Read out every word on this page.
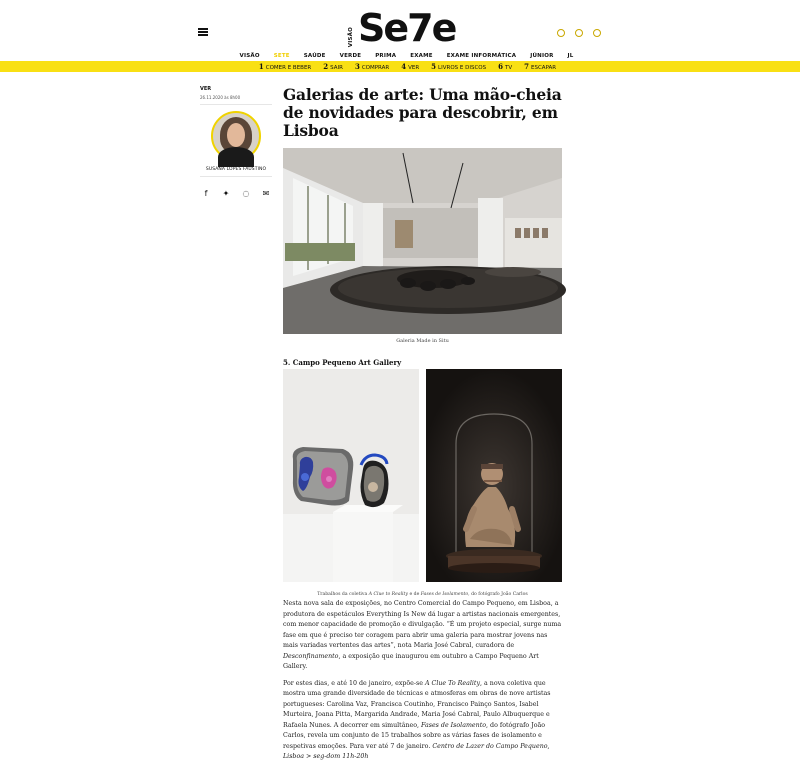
VISÃO Se7e
VISÃO	SETE	SAÚDE	VERDE	PRIMA	EXAME	EXAME INFORMÁTICA	JÚNIOR	JL
1 COMER E BEBER 2 SAIR 3 COMPRAR 4 VER 5 LIVROS E DISCOS 6 TV 7 ESCAPAR
VER
26.11.2020 às 8h00
SUSANA LOPES FAUSTINO
f	✦ ◌ ✉
Galerias de arte: Uma mão-cheia de novidades para descobrir, em Lisboa
Galeria Made in Situ
5. Campo Pequeno Art Gallery
Trabalhos da coletiva A Clue to Reality e de Fases de Isolamento, do fotógrafo João Carlos

Nesta nova sala de exposições, no Centro Comercial do Campo Pequeno, em Lisboa, a produtora de espetáculos Everything Is New dá lugar a artistas nacionais emergentes, com menor capacidade de promoção e divulgação. “É um projeto especial, surge numa fase em que é preciso ter coragem para abrir uma galeria para mostrar jovens nas mais variadas vertentes das artes”, nota Maria José Cabral, curadora de Desconfinamento, a exposição que inaugurou em outubro a Campo Pequeno Art Gallery.

Por estes dias, e até 10 de janeiro, expõe-se A Clue To Reality, a nova coletiva que mostra uma grande diversidade de técnicas e atmosferas em obras de nove artistas portugueses: Carolina Vaz, Francisca Coutinho, Francisco Painço Santos, Isabel Murteira, Joana Pitta, Margarida Andrade, Maria José Cabral, Paulo Albuquerque e Rafaela Nunes. A decorrer em simultâneo, Fases de Isolamento, do fotógrafo João Carlos, revela um conjunto de 15 trabalhos sobre as várias fases de isolamento e respetivas emoções. Para ver até 7 de janeiro. Centro de Lazer do Campo Pequeno, Lisboa > seg-dom 11h-20h
